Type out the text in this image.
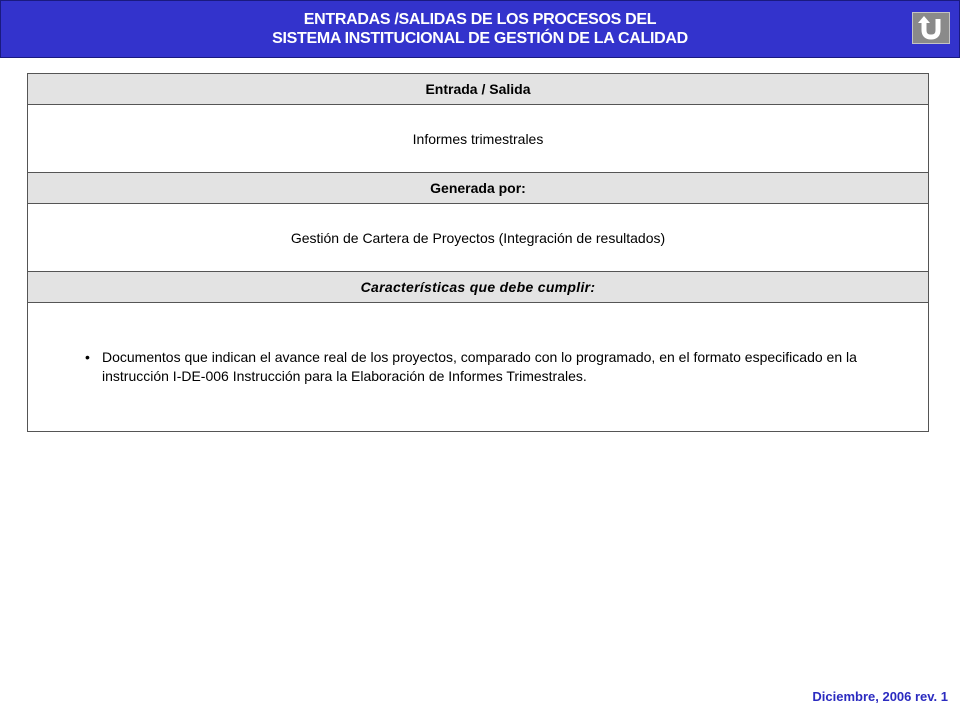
ENTRADAS /SALIDAS DE LOS PROCESOS DEL
SISTEMA INSTITUCIONAL DE GESTIÓN DE LA CALIDAD
Entrada / Salida
Informes trimestrales
Generada por:
Gestión de Cartera de Proyectos (Integración de resultados)
Características que debe cumplir:
• Documentos que indican el avance real de los proyectos, comparado con lo programado, en el formato especificado en la instrucción I-DE-006 Instrucción para la Elaboración de Informes Trimestrales.
Diciembre, 2006 rev. 1
